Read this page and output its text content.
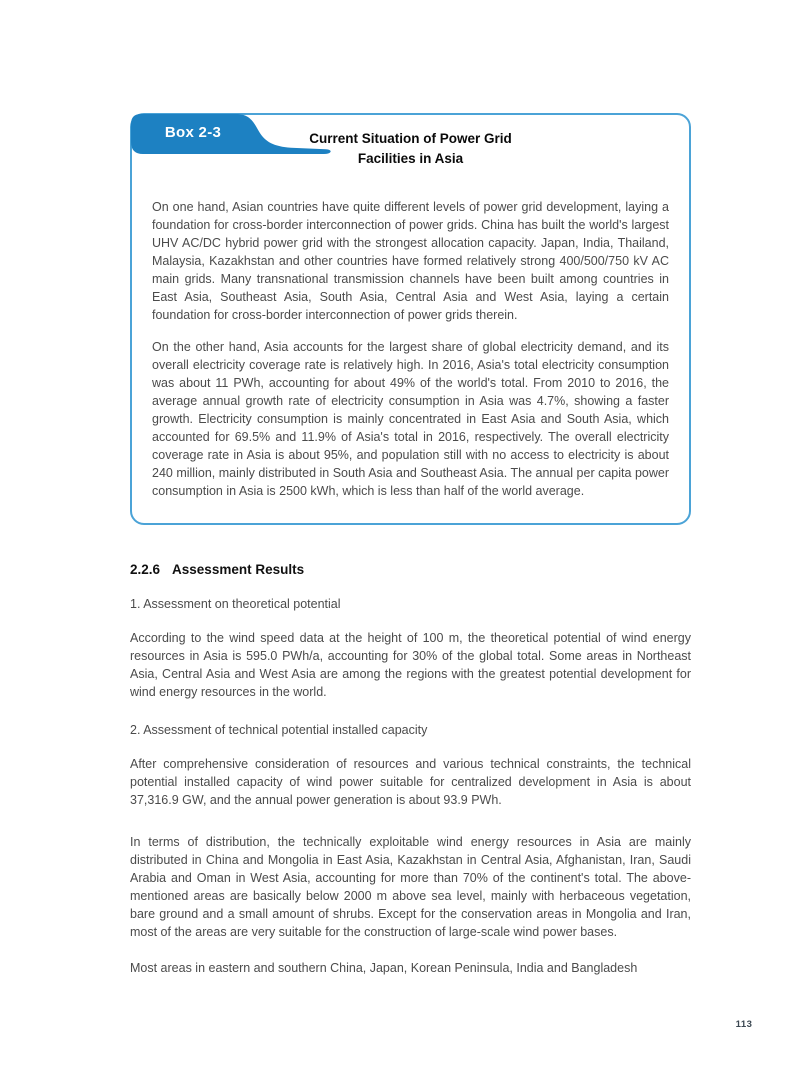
Box 2-3	Current Situation of Power Grid
Facilities in Asia

On one hand, Asian countries have quite different levels of power grid development, laying a foundation for cross-border interconnection of power grids. China has built the world's largest UHV AC/DC hybrid power grid with the strongest allocation capacity. Japan, India, Thailand, Malaysia, Kazakhstan and other countries have formed relatively strong 400/500/750 kV AC main grids. Many transnational transmission channels have been built among countries in East Asia, Southeast Asia, South Asia, Central Asia and West Asia, laying a certain foundation for cross-border interconnection of power grids therein.

On the other hand, Asia accounts for the largest share of global electricity demand, and its overall electricity coverage rate is relatively high. In 2016, Asia's total electricity consumption was about 11 PWh, accounting for about 49% of the world's total. From 2010 to 2016, the average annual growth rate of electricity consumption in Asia was 4.7%, showing a faster growth. Electricity consumption is mainly concentrated in East Asia and South Asia, which accounted for 69.5% and 11.9% of Asia's total in 2016, respectively. The overall electricity coverage rate in Asia is about 95%, and population still with no access to electricity is about 240 million, mainly distributed in South Asia and Southeast Asia. The annual per capita power consumption in Asia is 2500 kWh, which is less than half of the world average.

2.2.6 Assessment Results
1. Assessment on theoretical potential

According to the wind speed data at the height of 100 m, the theoretical potential of wind energy resources in Asia is 595.0 PWh/a, accounting for 30% of the global total. Some areas in Northeast Asia, Central Asia and West Asia are among the regions with the greatest potential development for wind energy resources in the world.

2. Assessment of technical potential installed capacity

After comprehensive consideration of resources and various technical constraints, the technical potential installed capacity of wind power suitable for centralized development in Asia is about 37,316.9 GW, and the annual power generation is about 93.9 PWh.

In terms of distribution, the technically exploitable wind energy resources in Asia are mainly distributed in China and Mongolia in East Asia, Kazakhstan in Central Asia, Afghanistan, Iran, Saudi Arabia and Oman in West Asia, accounting for more than 70% of the continent's total. The above-mentioned areas are basically below 2000 m above sea level, mainly with herbaceous vegetation, bare ground and a small amount of shrubs. Except for the conservation areas in Mongolia and Iran, most of the areas are very suitable for the construction of large-scale wind power bases.

Most areas in eastern and southern China, Japan, Korean Peninsula, India and Bangladesh

113
